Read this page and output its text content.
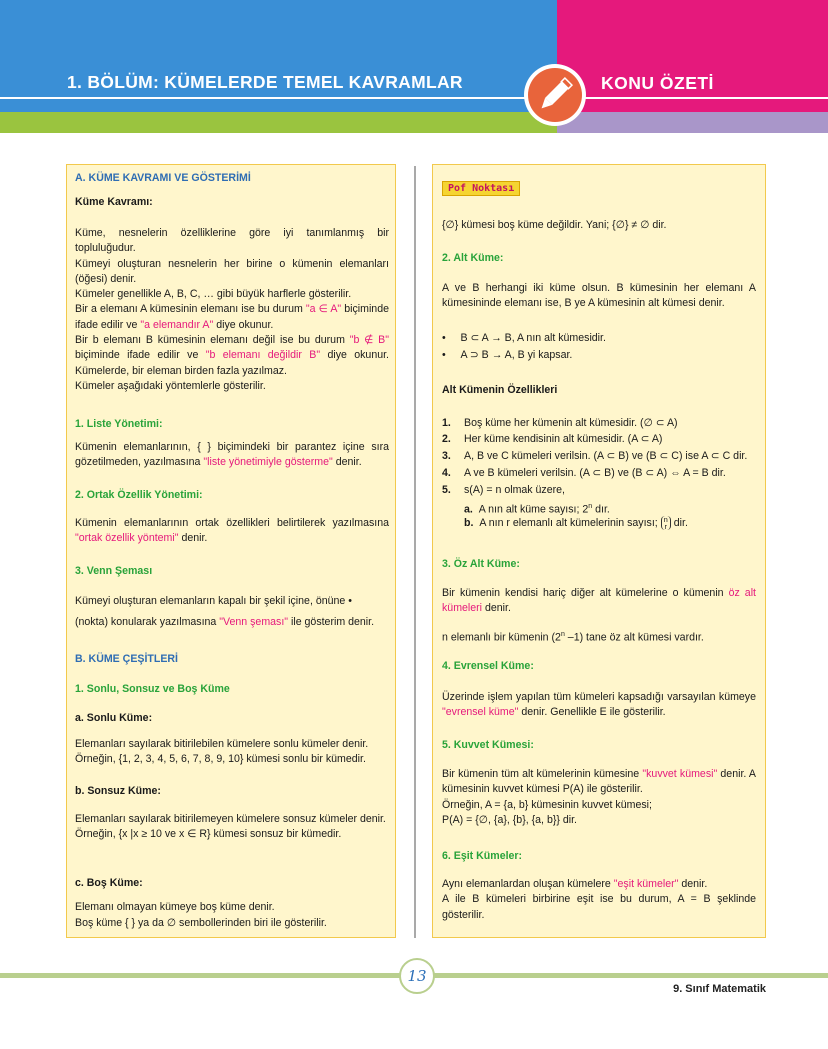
1. BÖLÜM: KÜMELERDE TEMEL KAVRAMLAR	KONU ÖZETİ
A. KÜME KAVRAMI VE GÖSTERİMİ
Küme Kavramı:
Küme, nesnelerin özelliklerine göre iyi tanımlanmış bir topluluğudur.
Kümeyi oluşturan nesnelerin her birine o kümenin elemanları (öğesi) denir.
Kümeler genellikle A, B, C, … gibi büyük harflerle gösterilir.
Bir a elemanı A kümesinin elemanı ise bu durum "a ∈ A" biçiminde ifade edilir ve "a elemandır A" diye okunur.
Bir b elemanı B kümesinin elemanı değil ise bu durum "b ∉ B" biçiminde ifade edilir ve "b elemanı değildir B" diye okunur. Kümelerde, bir eleman birden fazla yazılmaz.
Kümeler aşağıdaki yöntemlerle gösterilir.
1. Liste Yönetimi:
Kümenin elemanlarının, { } biçimindeki bir parantez içine sıra gözetilmeden, yazılmasına "liste yönetimiyle gösterme" denir.
2. Ortak Özellik Yönetimi:
Kümenin elemanlarının ortak özellikleri belirtilerek yazılmasına "ortak özellik yöntemi" denir.
3. Venn Şeması
Kümeyi oluşturan elemanların kapalı bir şekil içine, önüne •
(nokta) konularak yazılmasına "Venn şeması" ile gösterim denir.
B. KÜME ÇEŞİTLERİ
1. Sonlu, Sonsuz ve Boş Küme
a. Sonlu Küme:
Elemanları sayılarak bitirilebilen kümelere sonlu kümeler denir.
Örneğin, {1, 2, 3, 4, 5, 6, 7, 8, 9, 10} kümesi sonlu bir kümedir.
b. Sonsuz Küme:
Elemanları sayılarak bitirilemeyen kümelere sonsuz kümeler denir.
Örneğin, {x |x ≥ 10 ve x ∈ R} kümesi sonsuz bir kümedir.
c. Boş Küme:
Elemanı olmayan kümeye boş küme denir.
Boş küme { } ya da ∅ sembollerinden biri ile gösterilir.
Pof Noktası
{∅} kümesi boş küme değildir. Yani; {∅} ≠ ∅ dir.
2. Alt Küme:
A ve B herhangi iki küme olsun. B kümesinin her elemanı A kümesininde elemanı ise, B ye A kümesinin alt kümesi denir.
•     B ⊂ A → B, A nın alt kümesidir.
•     A ⊃ B → A, B yi kapsar.
Alt Kümenin Özellikleri
1. Boş küme her kümenin alt kümesidir. (∅ ⊂ A)
2. Her küme kendisinin alt kümesidir. (A ⊂ A)
3. A, B ve C kümeleri verilsin. (A ⊂ B) ve (B ⊂ C) ise A ⊂ C dir.
4. A ve B kümeleri verilsin. (A ⊂ B) ve (B ⊂ A) ⇔ A = B dir.
5. s(A) = n olmak üzere,
a. A nın alt küme sayısı; 2$^n$ dır.
b. A nın r elemanlı alt kümelerinin sayısı; n
r dir.
3. Öz Alt Küme:
Bir kümenin kendisi hariç diğer alt kümelerine o kümenin öz alt kümeleri denir.
n elemanlı bir kümenin (2$^n$ –1) tane öz alt kümesi vardır.
4. Evrensel Küme:
Üzerinde işlem yapılan tüm kümeleri kapsadığı varsayılan kümeye "evrensel küme" denir. Genellikle E ile gösterilir.
5. Kuvvet Kümesi:
Bir kümenin tüm alt kümelerinin kümesine "kuvvet kümesi" denir. A kümesinin kuvvet kümesi P(A) ile gösterilir.
Örneğin, A = {a, b} kümesinin kuvvet kümesi;
P(A) = {∅, {a}, {b}, {a, b}} dir.
6. Eşit Kümeler:
Aynı elemanlardan oluşan kümelere "eşit kümeler" denir.
A ile B kümeleri birbirine eşit ise bu durum, A = B şeklinde gösterilir.
13
9. Sınıf Matematik
